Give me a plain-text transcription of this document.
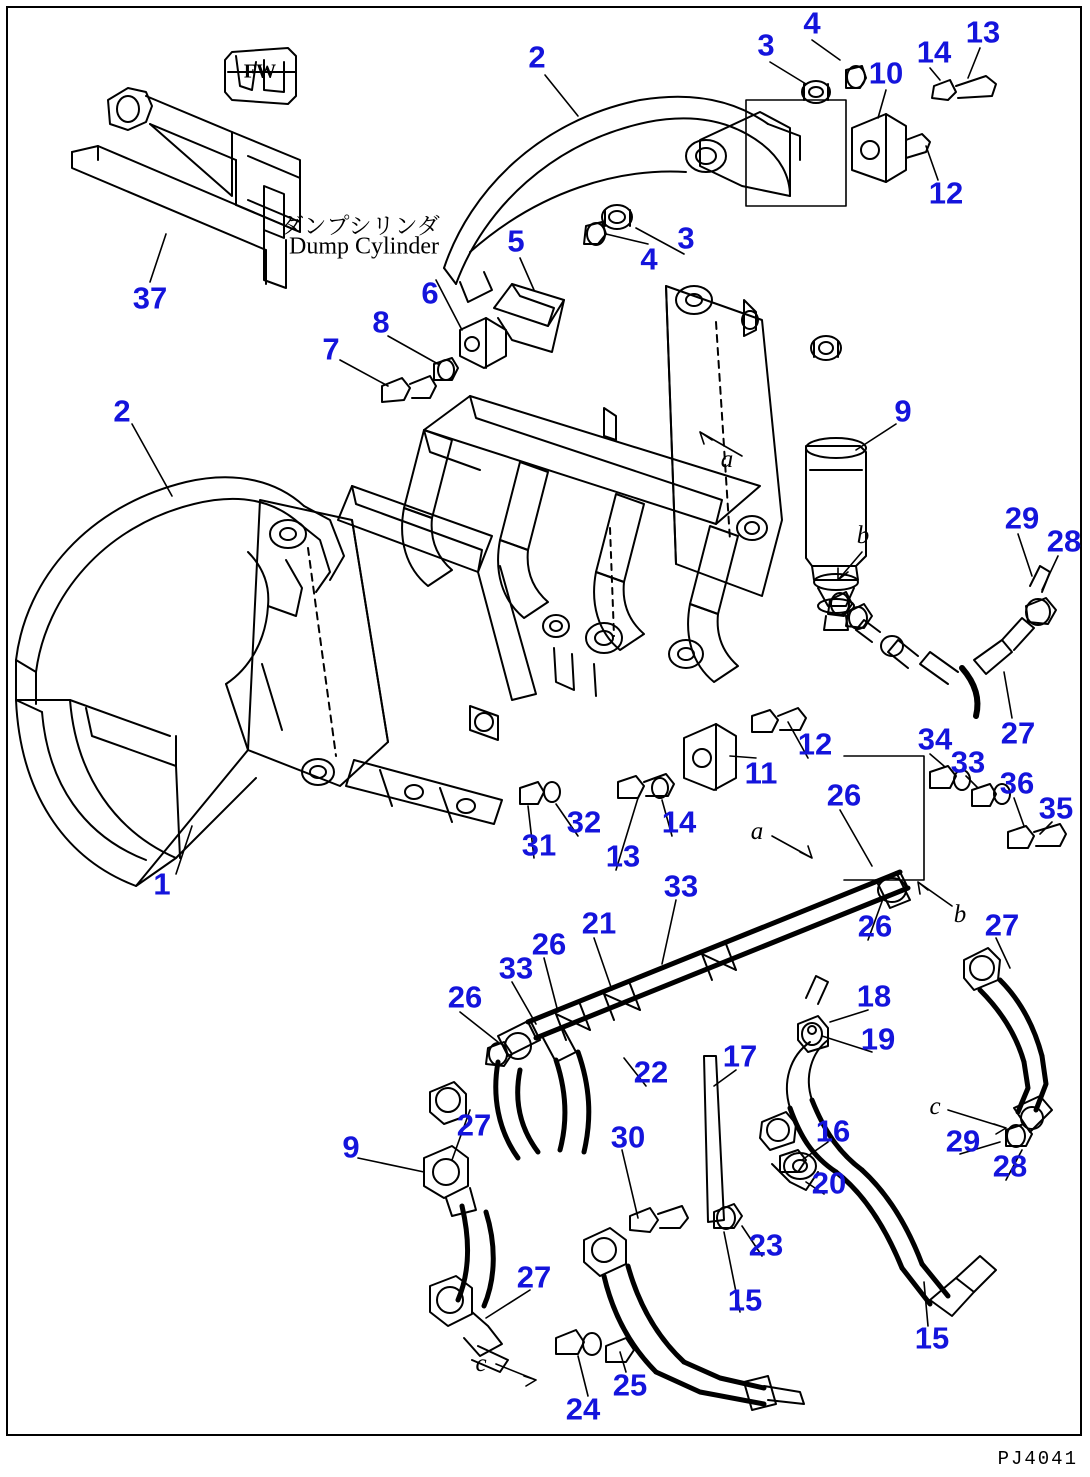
FW
ダンプシリンダ
Dump Cylinder
a
b
a
b
c
c
4	13
3	14
2	10
12
3
5
4
6
37
8
7
2	9
29
28
27
34
12
33
11	36
26	35
32 14
31 13
1	33
21	27
26
26
33
26	18
19
22 17
27	16
30
9	29
28
20
23
27
15
15
25
24
PJ4041
